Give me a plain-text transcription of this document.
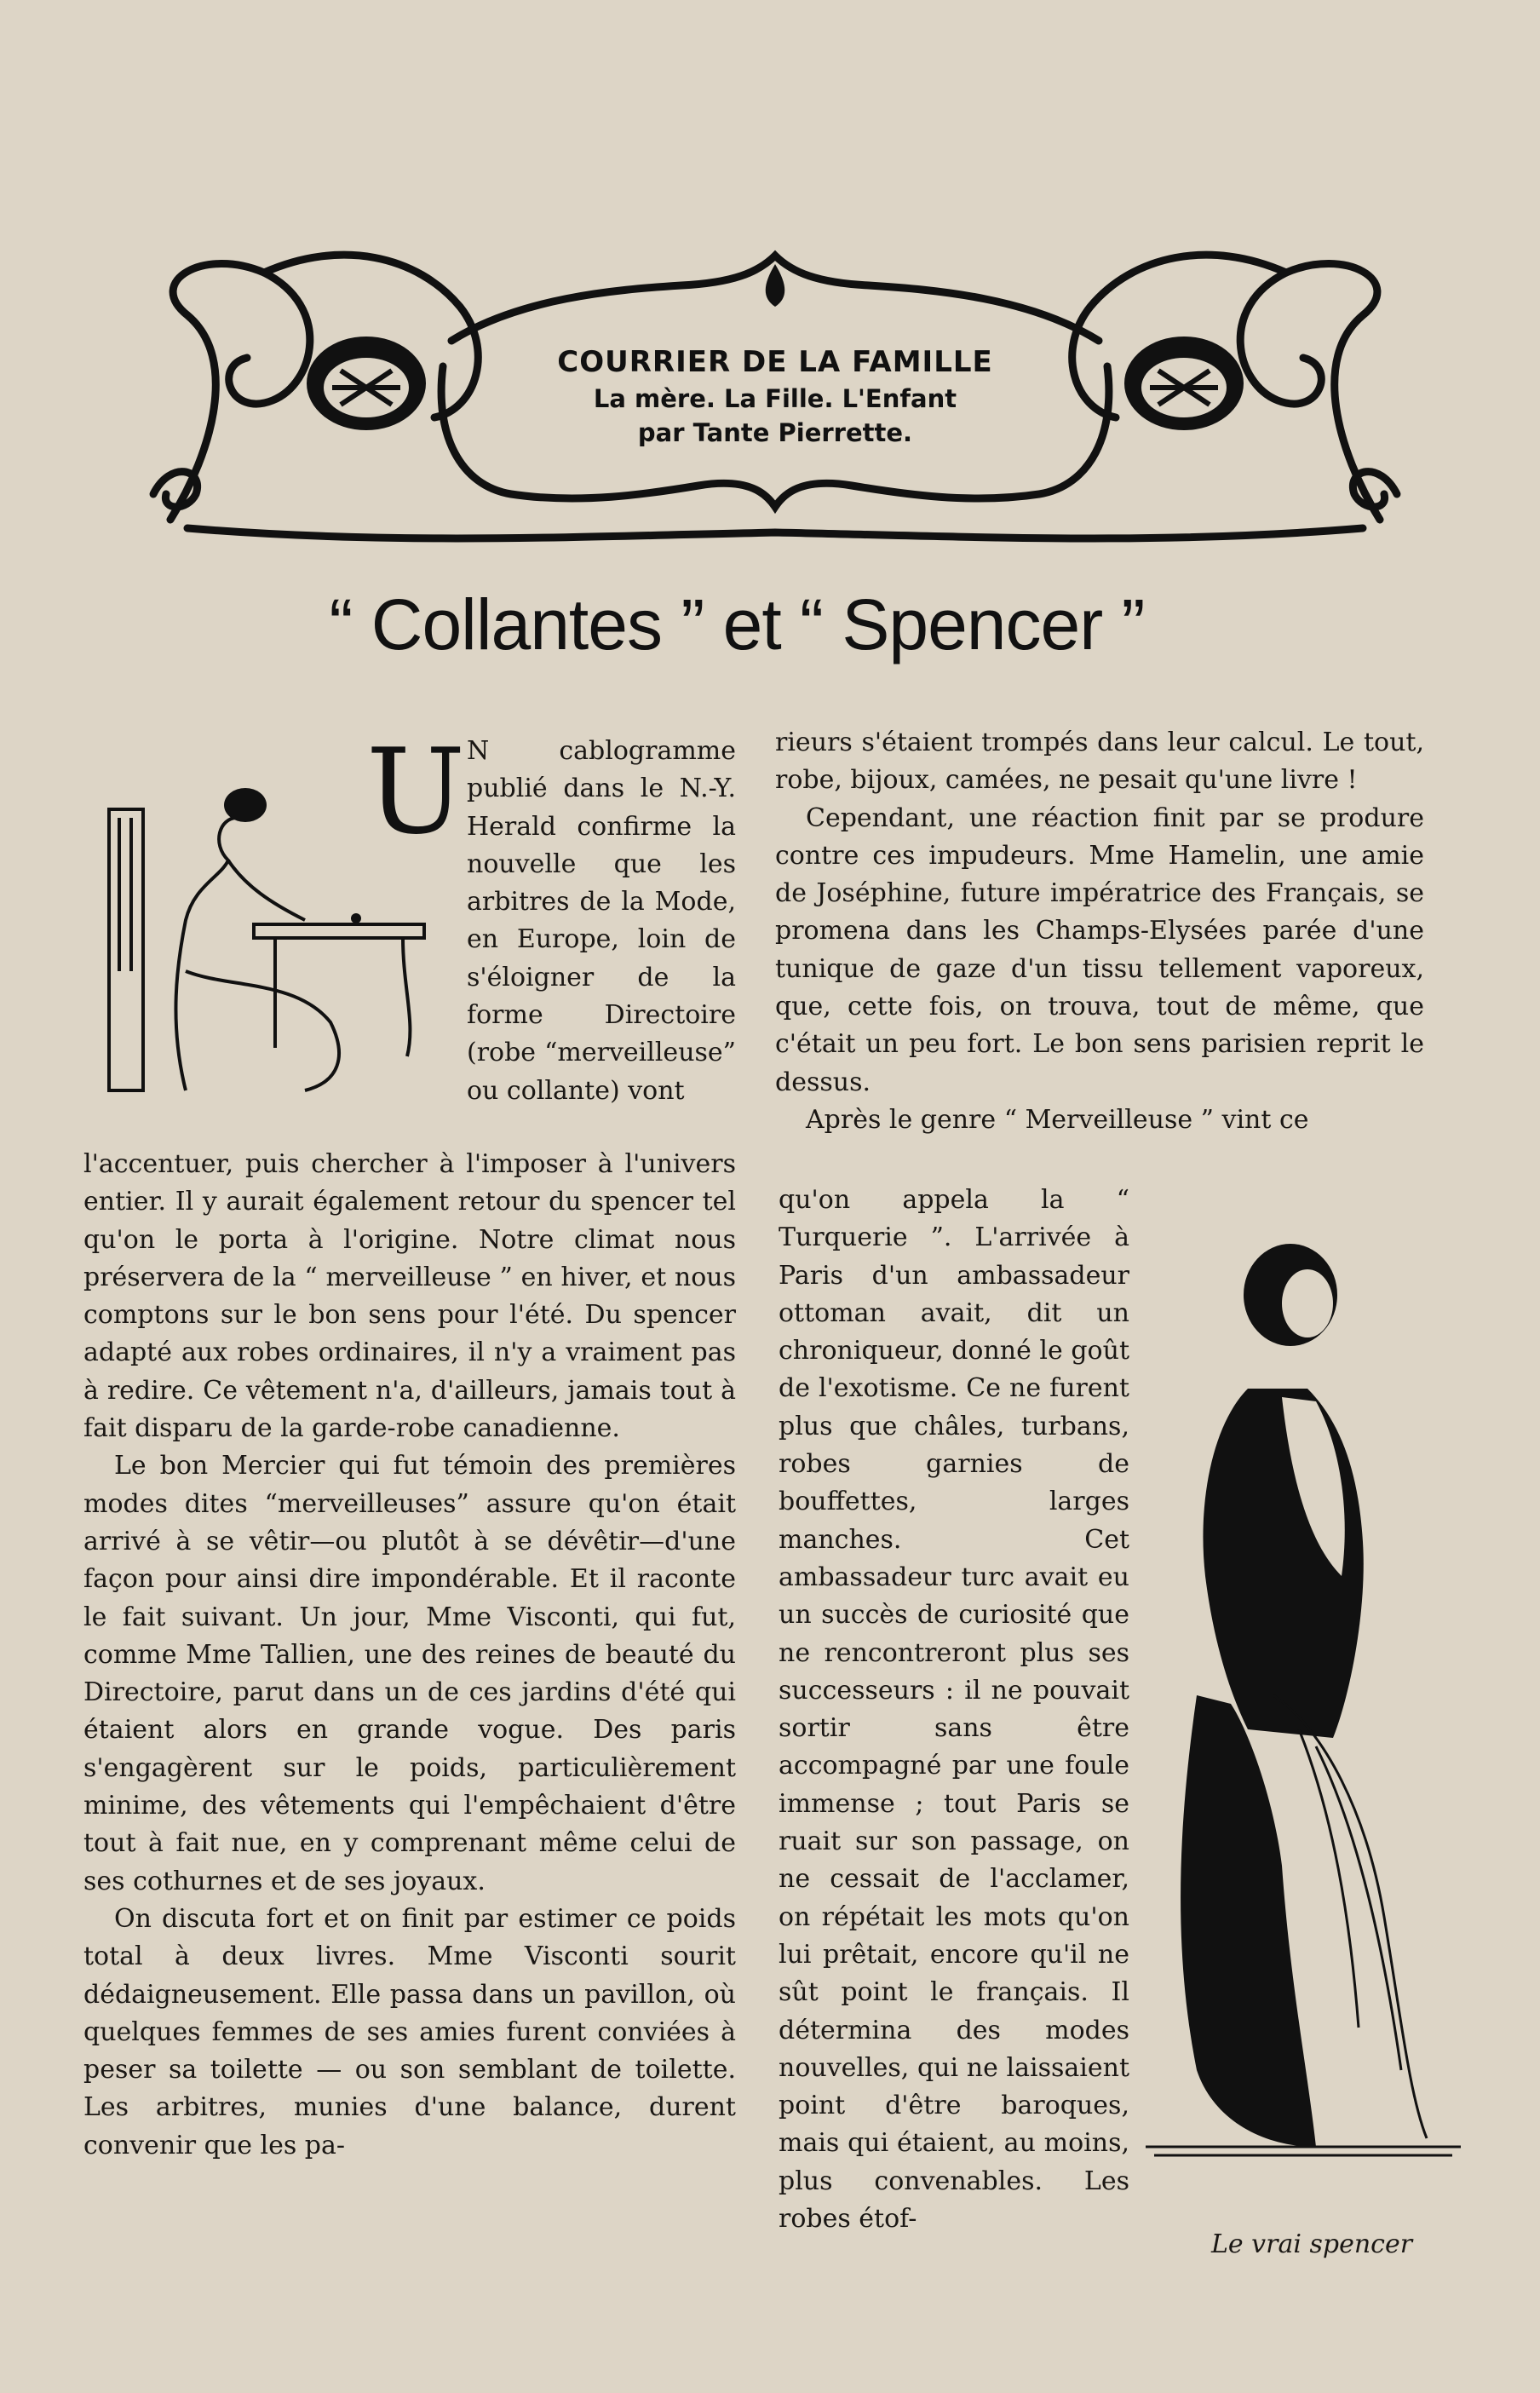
COURRIER DE LA FAMILLE
La mère. La Fille. L'Enfant
par Tante Pierrette.
“ Collantes ” et “ Spencer ”
U N cablogramme publié dans le N.-Y. Herald confirme la nouvelle que les arbitres de la Mode, en Europe, loin de s'éloigner de la forme Directoire (robe “merveilleuse” ou collante) vont

l'accentuer, puis chercher à l'imposer à l'univers entier. Il y aurait également retour du spencer tel qu'on le porta à l'origine. Notre climat nous préservera de la “ merveilleuse ” en hiver, et nous comptons sur le bon sens pour l'été. Du spencer adapté aux robes ordinaires, il n'y a vraiment pas à redire. Ce vêtement n'a, d'ailleurs, jamais tout à fait disparu de la garde-robe canadienne.

Le bon Mercier qui fut témoin des premières modes dites “merveilleuses” assure qu'on était arrivé à se vêtir—ou plutôt à se dévêtir—d'une façon pour ainsi dire impondérable. Et il raconte le fait suivant. Un jour, Mme Visconti, qui fut, comme Mme Tallien, une des reines de beauté du Directoire, parut dans un de ces jardins d'été qui étaient alors en grande vogue. Des paris s'engagèrent sur le poids, particulièrement minime, des vêtements qui l'empêchaient d'être tout à fait nue, en y comprenant même celui de ses cothurnes et de ses joyaux.

On discuta fort et on finit par estimer ce poids total à deux livres. Mme Visconti sourit dédaigneusement. Elle passa dans un pavillon, où quelques femmes de ses amies furent conviées à peser sa toilette — ou son semblant de toilette. Les arbitres, munies d'une balance, durent convenir que les pa-

rieurs s'étaient trompés dans leur calcul. Le tout, robe, bijoux, camées, ne pesait qu'une livre !

Cependant, une réaction finit par se produre contre ces impudeurs. Mme Hamelin, une amie de Joséphine, future impératrice des Français, se promena dans les Champs-Elysées parée d'une tunique de gaze d'un tissu tellement vaporeux, que, cette fois, on trouva, tout de même, que c'était un peu fort. Le bon sens parisien reprit le dessus.

Après le genre “ Merveilleuse ” vint ce

qu'on appela la “ Turquerie ”. L'arrivée à Paris d'un ambassadeur ottoman avait, dit un chroniqueur, donné le goût de l'exotisme. Ce ne furent plus que châles, turbans, robes garnies de bouffettes, larges manches. Cet ambassadeur turc avait eu un succès de curiosité que ne rencontreront plus ses successeurs : il ne pouvait sortir sans être accompagné par une foule immense ; tout Paris se ruait sur son passage, on ne cessait de l'acclamer, on répétait les mots qu'on lui prêtait, encore qu'il ne sût point le français. Il détermina des modes nouvelles, qui ne laissaient point d'être baroques, mais qui étaient, au moins, plus convenables. Les robes étof-

Le vrai spencer
